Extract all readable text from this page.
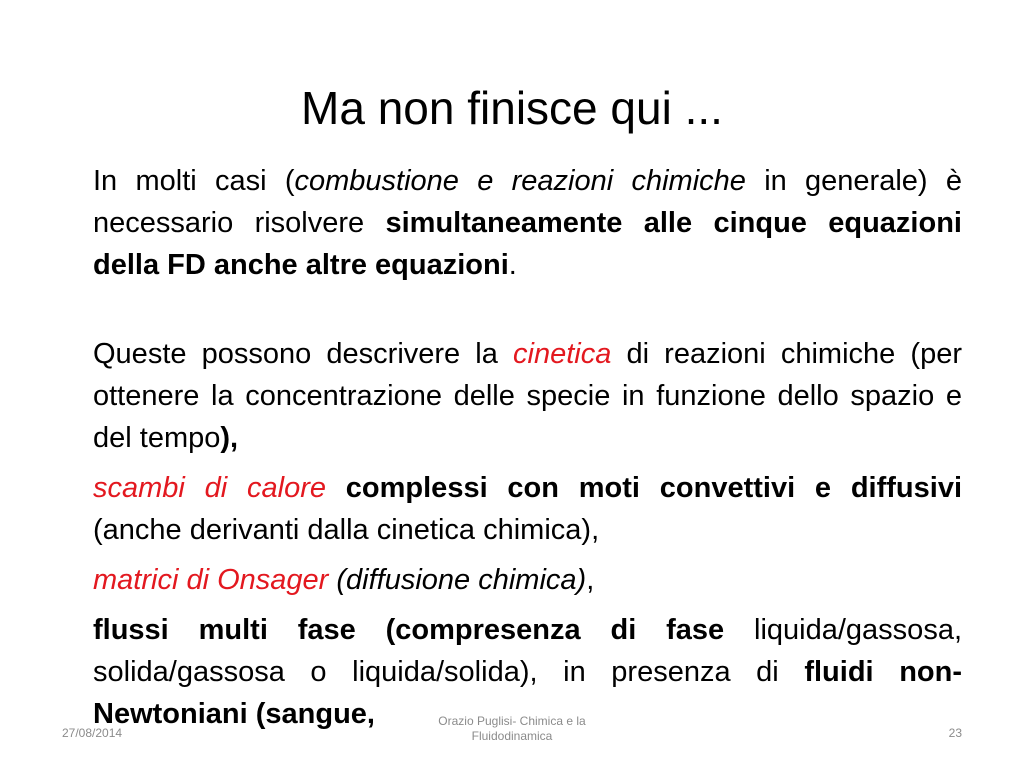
Ma non finisce qui ...

In molti casi (combustione e reazioni chimiche in generale) è necessario risolvere simultaneamente alle cinque equazioni della FD anche altre equazioni.

Queste possono descrivere la cinetica di reazioni chimiche (per ottenere la concentrazione delle specie in funzione dello spazio e del tempo),

scambi di calore complessi con moti convettivi e diffusivi (anche derivanti dalla cinetica chimica),

matrici di Onsager (diffusione chimica),

flussi multi fase (compresenza di fase liquida/gassosa, solida/gassosa o liquida/solida), in presenza di fluidi non-Newtoniani (sangue,

27/08/2014
Orazio Puglisi- Chimica e la
Fluidodinamica	23
